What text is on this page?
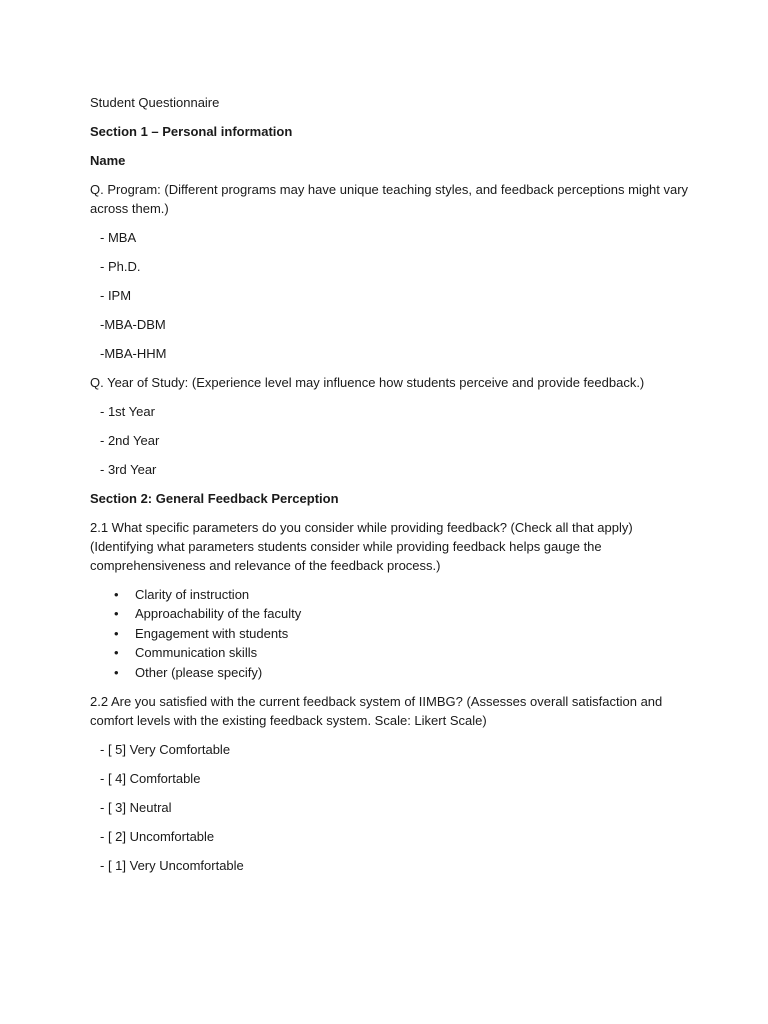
Student Questionnaire

Section 1 – Personal information

Name

Q. Program: (Different programs may have unique teaching styles, and feedback perceptions might vary across them.)

- MBA

- Ph.D.

- IPM

-MBA-DBM

-MBA-HHM

Q. Year of Study: (Experience level may influence how students perceive and provide feedback.)

- 1st Year

- 2nd Year

- 3rd Year

Section 2: General Feedback Perception

2.1 What specific parameters do you consider while providing feedback? (Check all that apply) (Identifying what parameters students consider while providing feedback helps gauge the comprehensiveness and relevance of the feedback process.)

• Clarity of instruction
• Approachability of the faculty
• Engagement with students
• Communication skills
• Other (please specify)

2.2 Are you satisfied with the current feedback system of IIMBG? (Assesses overall satisfaction and comfort levels with the existing feedback system. Scale: Likert Scale)

- [ 5] Very Comfortable

- [ 4] Comfortable

- [ 3] Neutral

- [ 2] Uncomfortable

- [ 1] Very Uncomfortable
